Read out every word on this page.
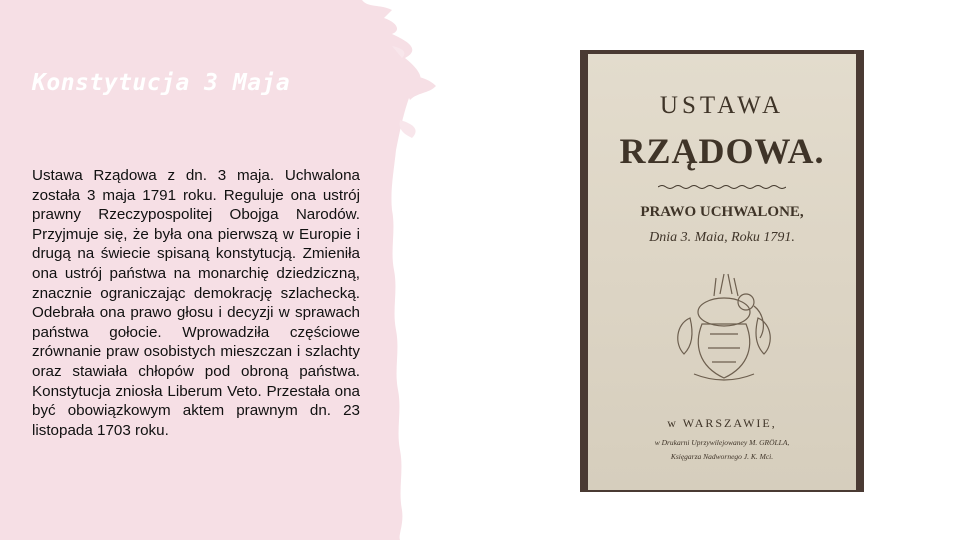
Konstytucja 3 Maja

Ustawa Rządowa z dn. 3 maja. Uchwalona została 3 maja 1791 roku. Reguluje ona ustrój prawny Rzeczypospolitej Obojga Narodów. Przyjmuje się, że była ona pierwszą w Europie i drugą na świecie spisaną konstytucją. Zmieniła ona ustrój państwa na monarchię dziedziczną, znacznie ograniczając demokrację szlachecką. Odebrała ona prawo głosu i decyzji w sprawach państwa gołocie. Wprowadziła częściowe zrównanie praw osobistych mieszczan i szlachty oraz stawiała chłopów pod obroną państwa. Konstytucja zniosła Liberum Veto. Przestała ona być obowiązkowym aktem prawnym dn. 23 listopada 1703 roku.

USTAWA
RZĄDOWA.
PRAWO UCHWALONE,
Dnia 3. Maia, Roku 1791.
w WARSZAWIE,
w Drukarni Uprzywilejowaney M. GRÖLLA,
Księgarza Nadwornego J. K. Mci.
